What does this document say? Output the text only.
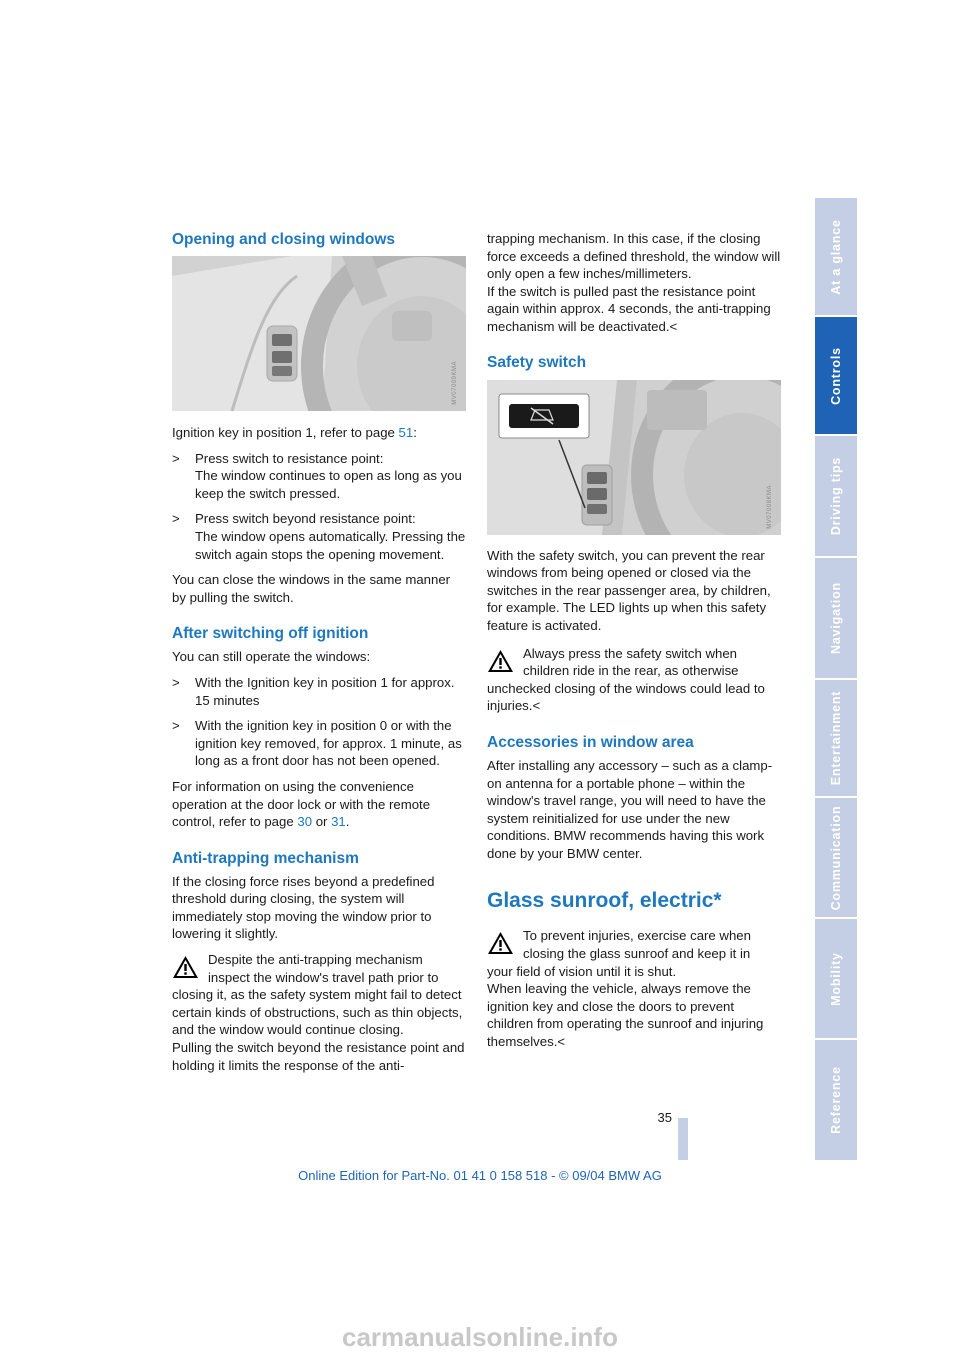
Opening and closing windows
MV07009KMA

Ignition key in position 1, refer to page 51:

> Press switch to resistance point:

The window continues to open as long as you keep the switch pressed.

> Press switch beyond resistance point:

The window opens automatically. Pressing the switch again stops the opening movement.

You can close the windows in the same manner by pulling the switch.

After switching off ignition

You can still operate the windows:

> With the Ignition key in position 1 for approx. 15 minutes

> With the ignition key in position 0 or with the ignition key removed, for approx. 1 minute, as long as a front door has not been opened.

For information on using the convenience operation at the door lock or with the remote control, refer to page 30 or 31.

Anti-trapping mechanism

If the closing force rises beyond a predefined threshold during closing, the system will immediately stop moving the window prior to lowering it slightly.

Despite the anti-trapping mechanism inspect the window's travel path prior to

closing it, as the safety system might fail to detect certain kinds of obstructions, such as thin objects, and the window would continue closing.

Pulling the switch beyond the resistance point and holding it limits the response of the anti-

trapping mechanism. In this case, if the closing force exceeds a defined threshold, the window will only open a few inches/millimeters.

If the switch is pulled past the resistance point again within approx. 4 seconds, the anti-trapping mechanism will be deactivated.<

Safety switch
MV07008KMA

With the safety switch, you can prevent the rear windows from being opened or closed via the switches in the rear passenger area, by children, for example. The LED lights up when this safety feature is activated.

Always press the safety switch when children ride in the rear, as otherwise

unchecked closing of the windows could lead to injuries.<

Accessories in window area

After installing any accessory – such as a clamp-on antenna for a portable phone – within the window's travel range, you will need to have the system reinitialized for use under the new conditions. BMW recommends having this work done by your BMW center.

Glass sunroof, electric*

To prevent injuries, exercise care when closing the glass sunroof and keep it in

your field of vision until it is shut.

When leaving the vehicle, always remove the ignition key and close the doors to prevent children from operating the sunroof and injuring themselves.<

At a glance
Controls
Driving tips
Navigation
Entertainment
Communication
Mobility
Reference
35
Online Edition for Part-No. 01 41 0 158 518 - © 09/04 BMW AG
carmanualsonline.info
